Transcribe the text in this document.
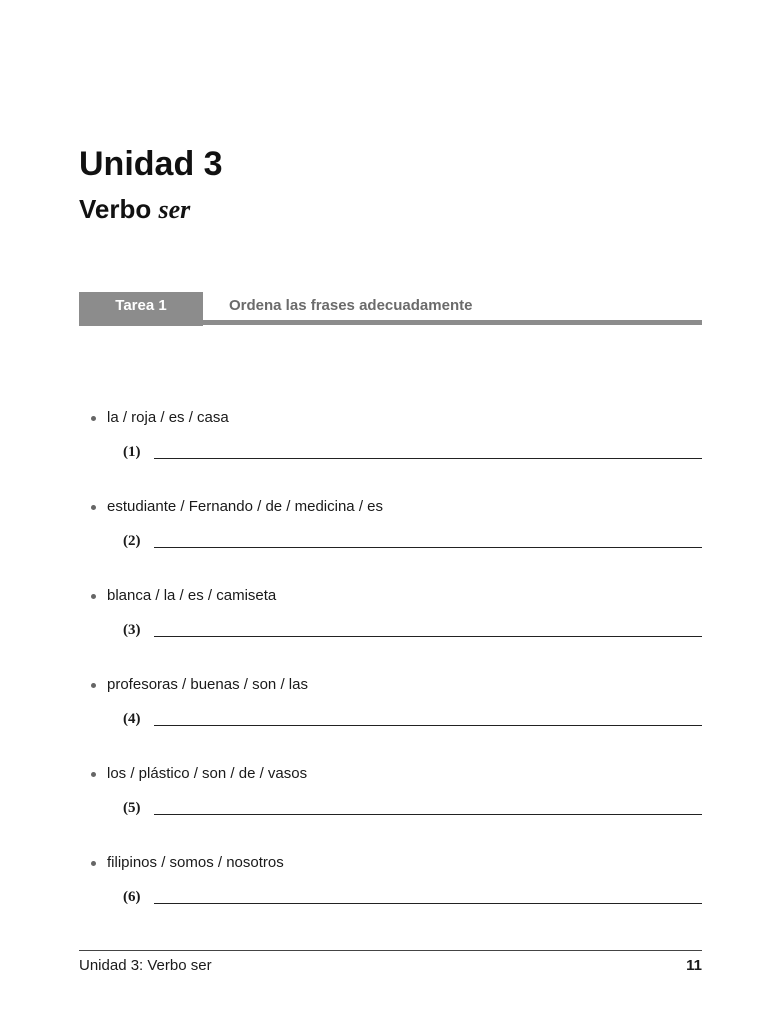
Unidad 3
Verbo ser
Tarea 1	Ordena las frases adecuadamente
la / roja / es / casa
(1)
estudiante / Fernando / de / medicina / es
(2)
blanca / la / es / camiseta
(3)
profesoras / buenas / son / las
(4)
los / plástico / son / de / vasos
(5)
filipinos / somos / nosotros
(6)
Unidad 3: Verbo ser	11
